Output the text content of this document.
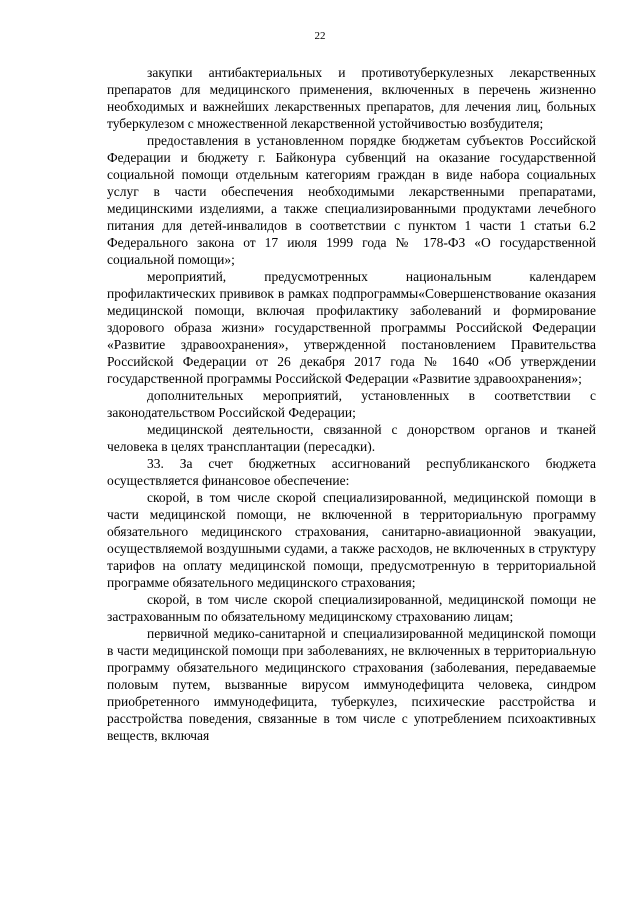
22

закупки антибактериальных и противотуберкулезных лекарственных препаратов для медицинского применения, включенных в перечень жизненно необходимых и важнейших лекарственных препаратов, для лечения лиц, больных туберкулезом с множественной лекарственной устойчивостью возбудителя;

предоставления в установленном порядке бюджетам субъектов Российской Федерации и бюджету г. Байконура субвенций на оказание государственной социальной помощи отдельным категориям граждан в виде набора социальных услуг в части обеспечения необходимыми лекарственными препаратами, медицинскими изделиями, а также специализированными продуктами лечебного питания для детей-инвалидов в соответствии с пунктом 1 части 1 статьи 6.2 Федерального закона от 17 июля 1999 года № 178-ФЗ «О государственной социальной помощи»;

мероприятий, предусмотренных национальным календарем профилактических прививок в рамках подпрограммы«Совершенствование оказания медицинской помощи, включая профилактику заболеваний и формирование здорового образа жизни» государственной программы Российской Федерации «Развитие здравоохранения», утвержденной постановлением Правительства Российской Федерации от 26 декабря 2017 года № 1640 «Об утверждении государственной программы Российской Федерации «Развитие здравоохранения»;

дополнительных мероприятий, установленных в соответствии с законодательством Российской Федерации;

медицинской деятельности, связанной с донорством органов и тканей человека в целях трансплантации (пересадки).

33. За счет бюджетных ассигнований республиканского бюджета осуществляется финансовое обеспечение:

скорой, в том числе скорой специализированной, медицинской помощи в части медицинской помощи, не включенной в территориальную программу обязательного медицинского страхования, санитарно-авиационной эвакуации, осуществляемой воздушными судами, а также расходов, не включенных в структуру тарифов на оплату медицинской помощи, предусмотренную в территориальной программе обязательного медицинского страхования;

скорой, в том числе скорой специализированной, медицинской помощи не застрахованным по обязательному медицинскому страхованию лицам;

первичной медико-санитарной и специализированной медицинской помощи в части медицинской помощи при заболеваниях, не включенных в территориальную программу обязательного медицинского страхования (заболевания, передаваемые половым путем, вызванные вирусом иммунодефицита человека, синдром приобретенного иммунодефицита, туберкулез, психические расстройства и расстройства поведения, связанные в том числе с употреблением психоактивных веществ, включая
